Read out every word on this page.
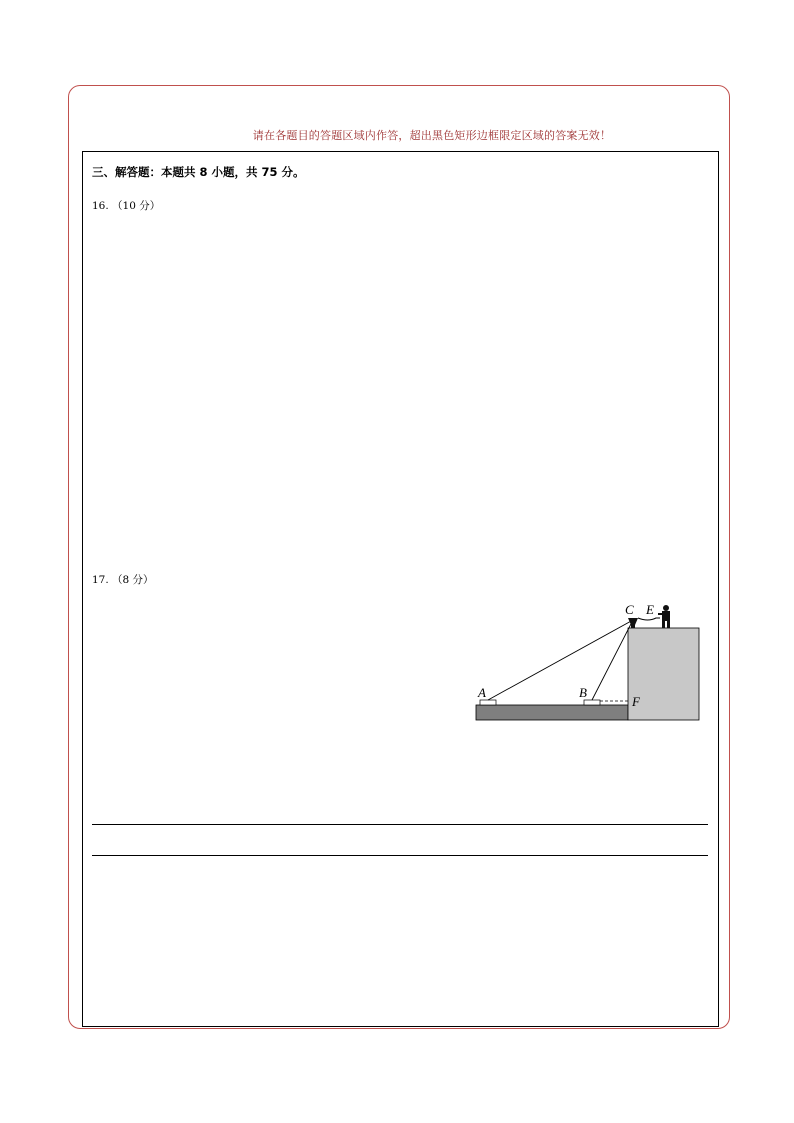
请在各题目的答题区域内作答，超出黑色矩形边框限定区域的答案无效！
三、解答题：本题共 8 小题，共 75 分。
16. （10 分）
17. （8 分）
A	B
C E
F
